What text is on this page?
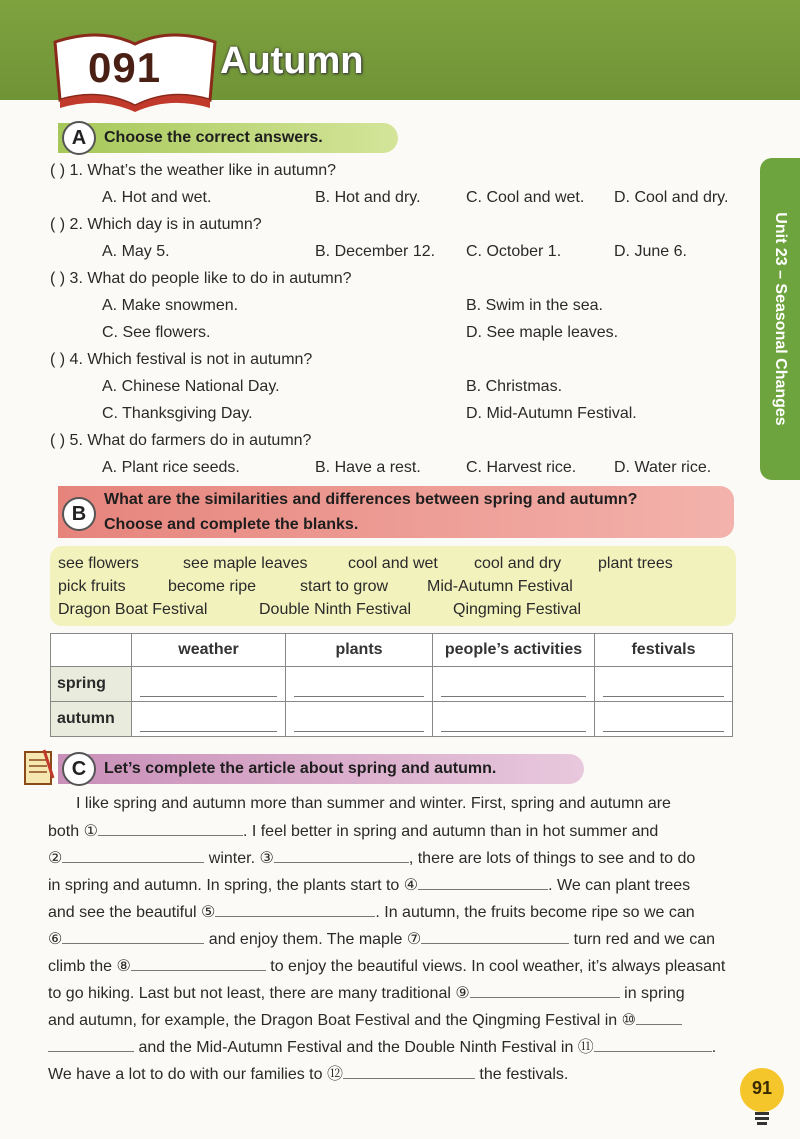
091 Autumn
Unit 23 – Seasonal Changes
A	Choose the correct answers.
( ) 1. What’s the weather like in autumn?
A. Hot and wet.	B. Hot and dry.	C. Cool and wet. D. Cool and dry.
( ) 2. Which day is in autumn?
A. May 5.	B. December 12. C. October 1.	D. June 6.
( ) 3. What do people like to do in autumn?
A. Make snowmen.	B. Swim in the sea.
C. See flowers.	D. See maple leaves.
( ) 4. Which festival is not in autumn?
A. Chinese National Day.	B. Christmas.
C. Thanksgiving Day.	D. Mid-Autumn Festival.
( ) 5. What do farmers do in autumn?
A. Plant rice seeds.	B. Have a rest.	C. Harvest rice. D. Water rice.
B
What are the similarities and differences between spring and autumn?
Choose and complete the blanks.
see flowers	see maple leaves	cool and wet cool and dry plant trees
pick fruits	become ripe	start to grow Mid-Autumn Festival
Dragon Boat Festival	Double Ninth Festival	Qingming Festival
	weather	plants	people’s activities	festivals
spring	

autumn	

C	Let’s complete the article about spring and autumn.
I like spring and autumn more than summer and winter. First, spring and autumn are
both ①	. I feel better in spring and autumn than in hot summer and
②	winter. ③	, there are lots of things to see and to do
in spring and autumn. In spring, the plants start to ④	. We can plant trees
and see the beautiful ⑤	. In autumn, the fruits become ripe so we can
⑥	and enjoy them. The maple ⑦	turn red and we can
climb the ⑧	to enjoy the beautiful views. In cool weather, it’s always pleasant
to go hiking. Last but not least, there are many traditional ⑨	in spring
and autumn, for example, the Dragon Boat Festival and the Qingming Festival in ⑩
and the Mid-Autumn Festival and the Double Ninth Festival in ⑪	.
We have a lot to do with our families to ⑫	the festivals.
91
